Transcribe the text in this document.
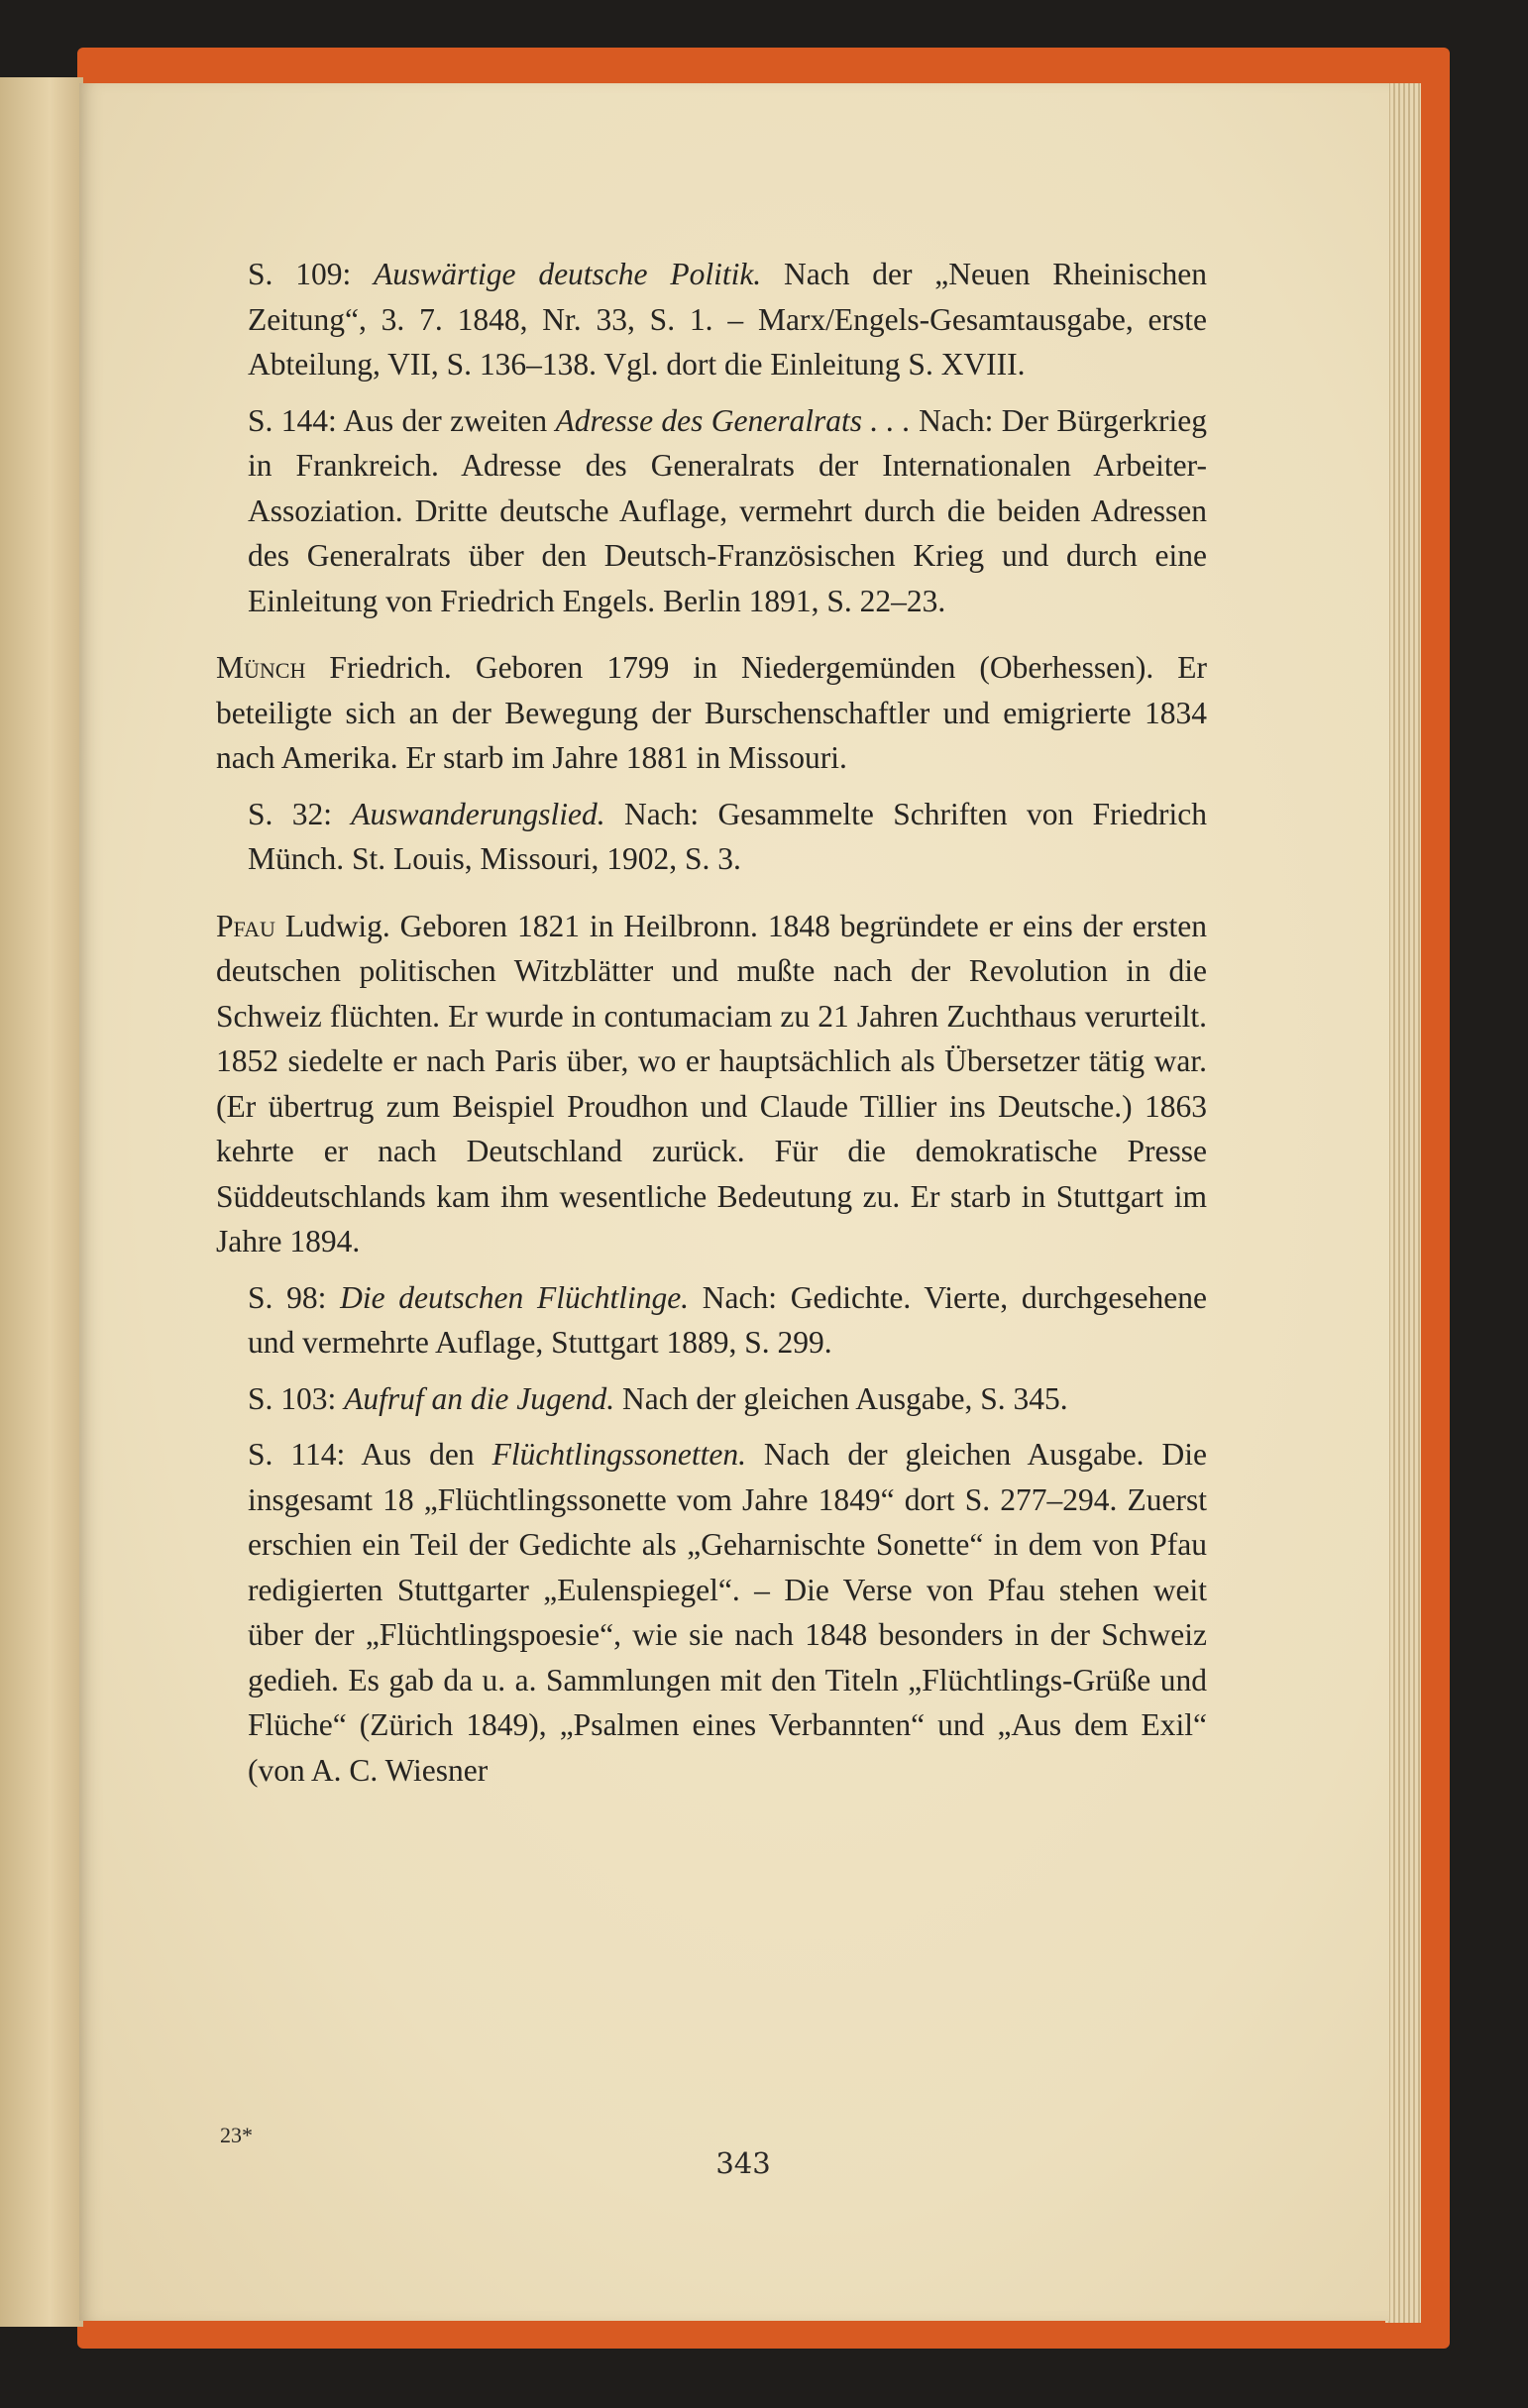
S. 109: Auswärtige deutsche Politik. Nach der „Neuen Rheinischen Zeitung“, 3. 7. 1848, Nr. 33, S. 1. – Marx/Engels-Gesamtausgabe, erste Abteilung, VII, S. 136–138. Vgl. dort die Einleitung S. XVIII.

S. 144: Aus der zweiten Adresse des Generalrats . . . Nach: Der Bürgerkrieg in Frankreich. Adresse des Generalrats der Internationalen Arbeiter-Assoziation. Dritte deutsche Auflage, vermehrt durch die beiden Adressen des Generalrats über den Deutsch-Französischen Krieg und durch eine Einleitung von Friedrich Engels. Berlin 1891, S. 22–23.

Münch Friedrich. Geboren 1799 in Niedergemünden (Oberhessen). Er beteiligte sich an der Bewegung der Burschenschaftler und emigrierte 1834 nach Amerika. Er starb im Jahre 1881 in Missouri.

S. 32: Auswanderungslied. Nach: Gesammelte Schriften von Friedrich Münch. St. Louis, Missouri, 1902, S. 3.

Pfau Ludwig. Geboren 1821 in Heilbronn. 1848 begründete er eins der ersten deutschen politischen Witzblätter und mußte nach der Revolution in die Schweiz flüchten. Er wurde in contumaciam zu 21 Jahren Zuchthaus verurteilt. 1852 siedelte er nach Paris über, wo er hauptsächlich als Übersetzer tätig war. (Er übertrug zum Beispiel Proudhon und Claude Tillier ins Deutsche.) 1863 kehrte er nach Deutschland zurück. Für die demokratische Presse Süddeutschlands kam ihm wesentliche Bedeutung zu. Er starb in Stuttgart im Jahre 1894.

S. 98: Die deutschen Flüchtlinge. Nach: Gedichte. Vierte, durchgesehene und vermehrte Auflage, Stuttgart 1889, S. 299.

S. 103: Aufruf an die Jugend. Nach der gleichen Ausgabe, S. 345.

S. 114: Aus den Flüchtlingssonetten. Nach der gleichen Ausgabe. Die insgesamt 18 „Flüchtlingssonette vom Jahre 1849“ dort S. 277–294. Zuerst erschien ein Teil der Gedichte als „Geharnischte Sonette“ in dem von Pfau redigierten Stuttgarter „Eulenspiegel“. – Die Verse von Pfau stehen weit über der „Flüchtlingspoesie“, wie sie nach 1848 besonders in der Schweiz gedieh. Es gab da u. a. Sammlungen mit den Titeln „Flüchtlings-Grüße und Flüche“ (Zürich 1849), „Psalmen eines Verbannten“ und „Aus dem Exil“ (von A. C. Wiesner

23*
343
